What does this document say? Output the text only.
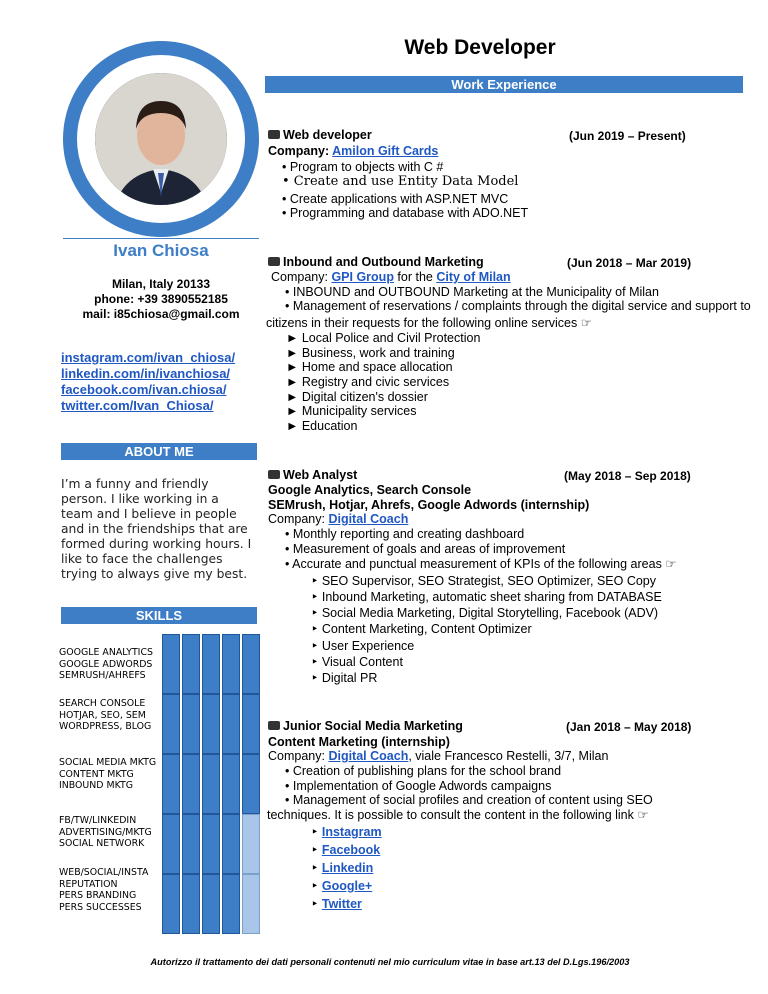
Ivan Chiosa
Milan, Italy 20133
phone: +39 3890552185
mail: i85chiosa@gmail.com
instagram.com/ivan_chiosa/
linkedin.com/in/ivanchiosa/
facebook.com/ivan.chiosa/
twitter.com/Ivan_Chiosa/
ABOUT ME
I’m a funny and friendly
person. I like working in a
team and I believe in people
and in the friendships that are
formed during working hours. I
like to face the challenges
trying to always give my best.
SKILLS
GOOGLE ANALYTICS
GOOGLE ADWORDS
SEMRUSH/AHREFS
SEARCH CONSOLE
HOTJAR, SEO, SEM
WORDPRESS, BLOG
SOCIAL MEDIA MKTG
CONTENT MKTG
INBOUND MKTG
FB/TW/LINKEDIN
ADVERTISING/MKTG
SOCIAL NETWORK
WEB/SOCIAL/INSTA
REPUTATION
PERS BRANDING
PERS SUCCESSES
Web Developer
Work Experience
Web developer	(Jun 2019 – Present)
Company: Amilon Gift Cards
• Program to objects with C #
• Create and use Entity Data Model
• Create applications with ASP.NET MVC
• Programming and database with ADO.NET
Inbound and Outbound Marketing	(Jun 2018 – Mar 2019)
Company: GPI Group for the City of Milan
• INBOUND and OUTBOUND Marketing at the Municipality of Milan
• Management of reservations / complaints through the digital service and support to
citizens in their requests for the following online services ☞
► Local Police and Civil Protection
► Business, work and training
► Home and space allocation
► Registry and civic services
► Digital citizen's dossier
► Municipality services
► Education
Web Analyst	(May 2018 – Sep 2018)
Google Analytics, Search Console
SEMrush, Hotjar, Ahrefs, Google Adwords (internship)
Company: Digital Coach
• Monthly reporting and creating dashboard
• Measurement of goals and areas of improvement
• Accurate and punctual measurement of KPIs of the following areas ☞
‣ SEO Supervisor, SEO Strategist, SEO Optimizer, SEO Copy
‣ Inbound Marketing, automatic sheet sharing from DATABASE
‣ Social Media Marketing, Digital Storytelling, Facebook (ADV)
‣ Content Marketing, Content Optimizer
‣ User Experience
‣ Visual Content
‣ Digital PR
Junior Social Media Marketing	(Jan 2018 – May 2018)
Content Marketing (internship)
Company: Digital Coach, viale Francesco Restelli, 3/7, Milan
• Creation of publishing plans for the school brand
• Implementation of Google Adwords campaigns
• Management of social profiles and creation of content using SEO
techniques. It is possible to consult the content in the following link ☞
‣ Instagram
‣ Facebook
‣ Linkedin
‣ Google+
‣ Twitter
Autorizzo il trattamento dei dati personali contenuti nel mio curriculum vitae in base art.13 del D.Lgs.196/2003
